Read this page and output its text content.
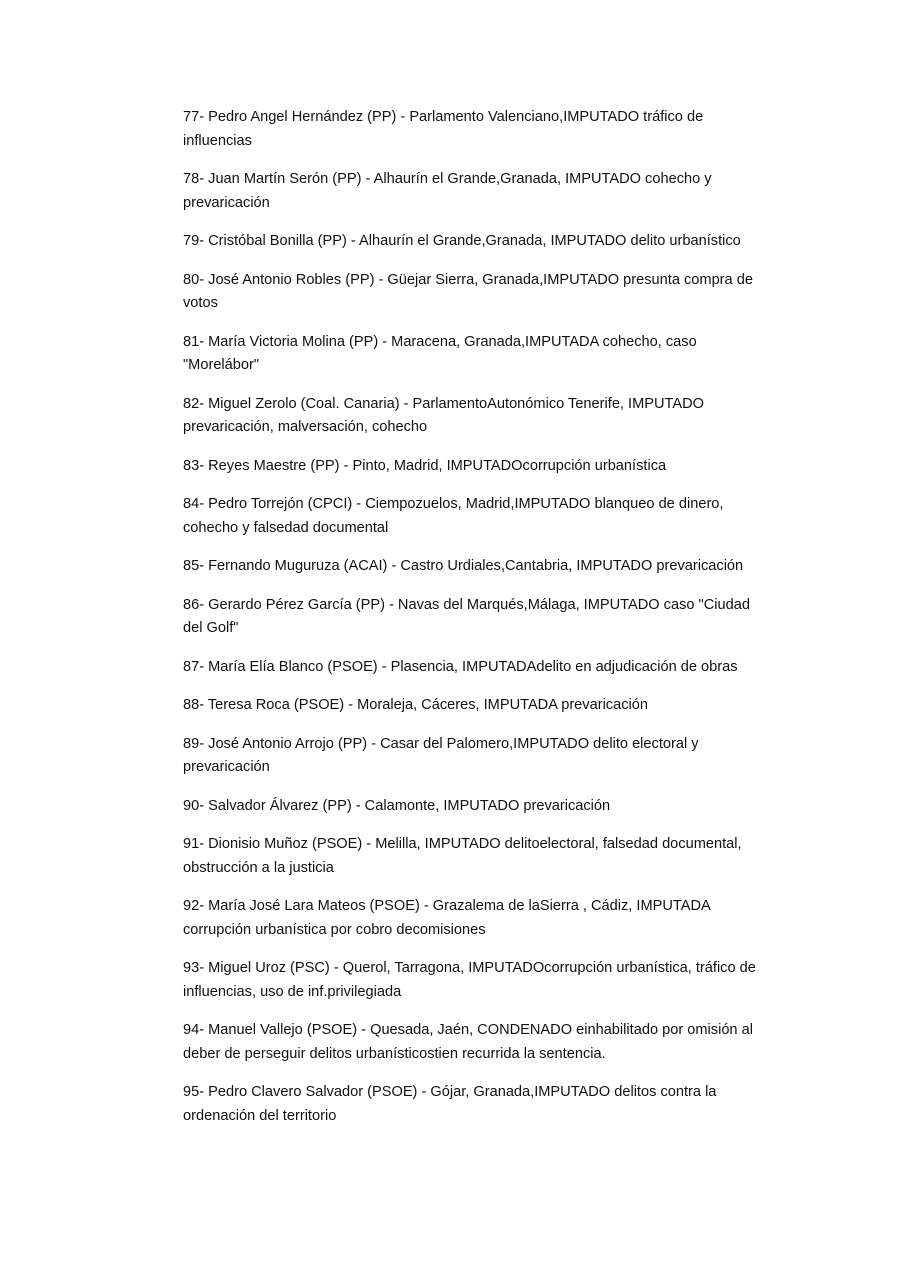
77- Pedro Angel Hernández (PP) - Parlamento Valenciano,IMPUTADO tráfico de influencias
78- Juan Martín Serón (PP) - Alhaurín el Grande,Granada, IMPUTADO cohecho y prevaricación
79- Cristóbal Bonilla (PP) - Alhaurín el Grande,Granada, IMPUTADO delito urbanístico
80- José Antonio Robles (PP) - Güejar Sierra, Granada,IMPUTADO presunta compra de votos
81- María Victoria Molina (PP) - Maracena, Granada,IMPUTADA cohecho, caso "Morelábor"
82- Miguel Zerolo (Coal. Canaria) - ParlamentoAutonómico Tenerife, IMPUTADO prevaricación, malversación, cohecho
83- Reyes Maestre (PP) - Pinto, Madrid, IMPUTADOcorrupción urbanística
84- Pedro Torrejón (CPCI) - Ciempozuelos, Madrid,IMPUTADO blanqueo de dinero, cohecho y falsedad documental
85- Fernando Muguruza (ACAI) - Castro Urdiales,Cantabria, IMPUTADO prevaricación
86- Gerardo Pérez García (PP) - Navas del Marqués,Málaga, IMPUTADO caso "Ciudad del Golf"
87- María Elía Blanco (PSOE) - Plasencia, IMPUTADAdelito en adjudicación de obras
88- Teresa Roca (PSOE) - Moraleja, Cáceres, IMPUTADA prevaricación
89- José Antonio Arrojo (PP) - Casar del Palomero,IMPUTADO delito electoral y prevaricación
90- Salvador Álvarez (PP) - Calamonte, IMPUTADO prevaricación
91- Dionisio Muñoz (PSOE) - Melilla, IMPUTADO delitoelectoral, falsedad documental, obstrucción a la justicia
92- María José Lara Mateos (PSOE) - Grazalema de laSierra , Cádiz, IMPUTADA corrupción urbanística por cobro decomisiones
93- Miguel Uroz (PSC) - Querol, Tarragona, IMPUTADOcorrupción urbanística, tráfico de influencias, uso de inf.privilegiada
94- Manuel Vallejo (PSOE) - Quesada, Jaén, CONDENADO einhabilitado por omisión al deber de perseguir delitos urbanísticostien recurrida la sentencia.
95- Pedro Clavero Salvador (PSOE) - Gójar, Granada,IMPUTADO delitos contra la ordenación del territorio
